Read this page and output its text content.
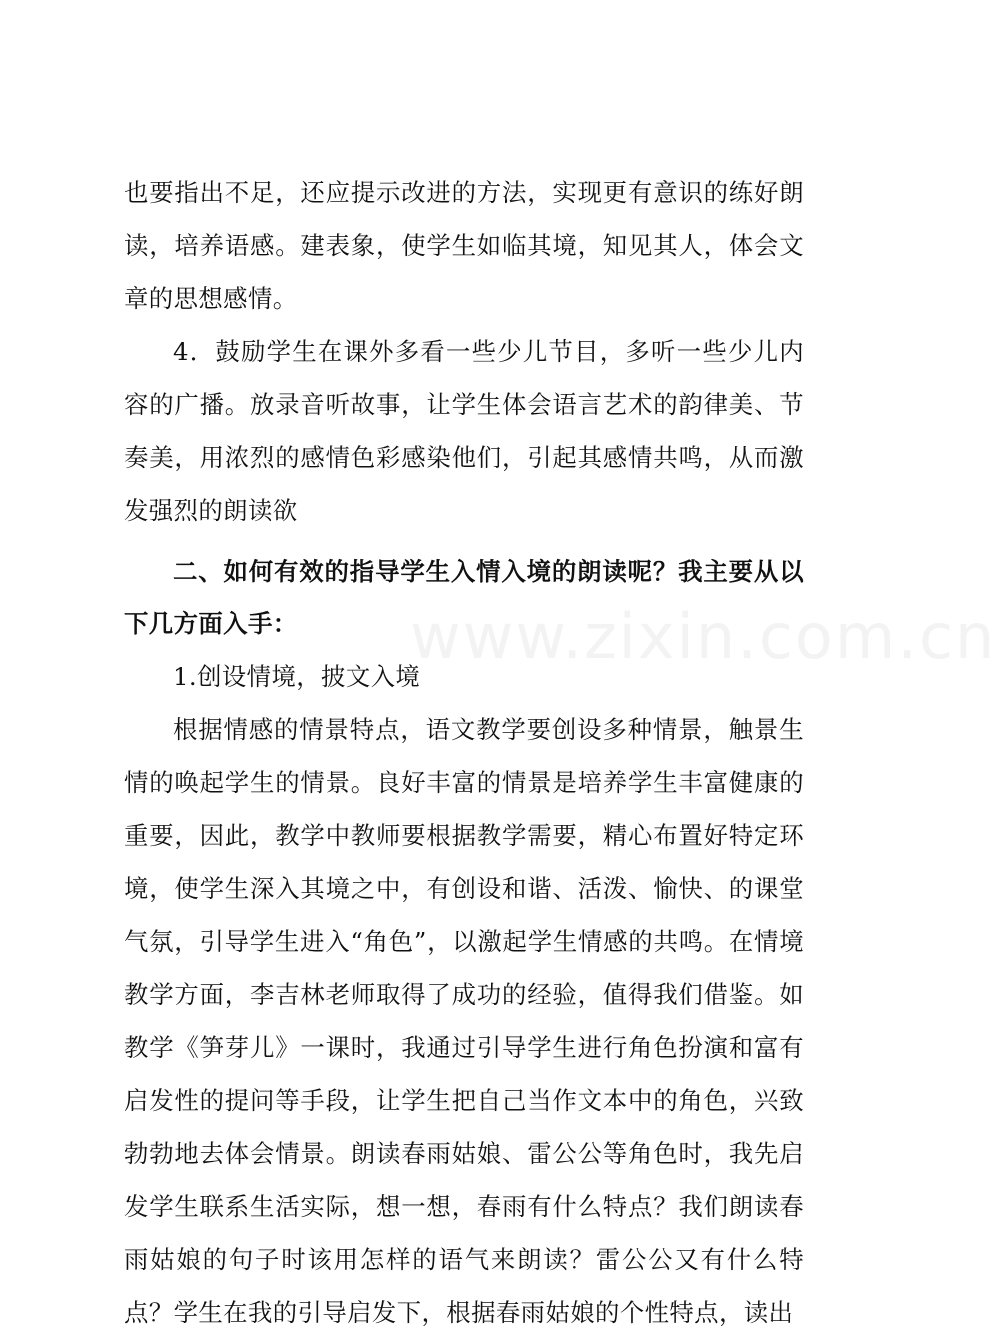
也要指出不足，还应提示改进的方法，实现更有意识的练好朗读，培养语感。建表象，使学生如临其境，知见其人，体会文章的思想感情。

4．鼓励学生在课外多看一些少儿节目，多听一些少儿内容的广播。放录音听故事，让学生体会语言艺术的韵律美、节奏美，用浓烈的感情色彩感染他们，引起其感情共鸣，从而激发强烈的朗读欲

二、如何有效的指导学生入情入境的朗读呢？我主要从以下几方面入手：

1.创设情境，披文入境

根据情感的情景特点，语文教学要创设多种情景，触景生情的唤起学生的情景。良好丰富的情景是培养学生丰富健康的重要，因此，教学中教师要根据教学需要，精心布置好特定环境，使学生深入其境之中，有创设和谐、活泼、愉快、的课堂气氛，引导学生进入“角色”，以激起学生情感的共鸣。在情境教学方面，李吉林老师取得了成功的经验，值得我们借鉴。如教学《笋芽儿》一课时，我通过引导学生进行角色扮演和富有启发性的提问等手段，让学生把自己当作文本中的角色，兴致勃勃地去体会情景。朗读春雨姑娘、雷公公等角色时，我先启发学生联系生活实际，想一想，春雨有什么特点？我们朗读春雨姑娘的句子时该用怎样的语气来朗读？雷公公又有什么特点？学生在我的引导启发下，根据春雨姑娘的个性特点，读出

www.zixin.com.cn
